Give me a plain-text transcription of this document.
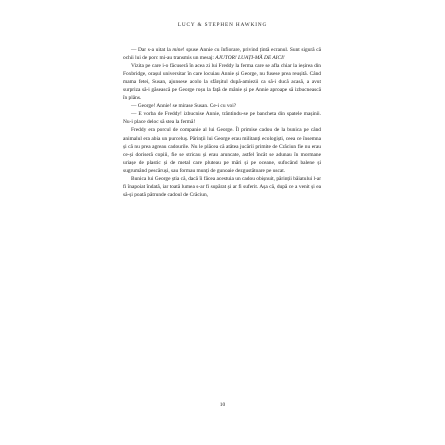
LUCY & STEPHEN HAWKING

— Dar s-a uitat la mine! spuse Annie cu înfiorare, privind țintă ecranul. Sunt sigură că ochii lui de porc mi-au transmis un mesaj: AJUTOR! LUAȚI-MĂ DE AICI!

Vizita pe care i-o făcuseră în acea zi lui Freddy la ferma care se afla chiar la ieșirea din Foxbridge, orașul universitar în care locuiau Annie și George, nu fusese prea reușită. Când mama fetei, Susan, ajunsese acolo la sfârșitul după-amiezii ca să-i ducă acasă, a avut surpriza să-i găsească pe George roșu la față de mânie și pe Annie aproape să izbucnească în plâns.

— George! Annie! se mirase Susan. Ce-i cu voi?

— E vorba de Freddy! izbucnise Annie, trântindu-se pe bancheta din spatele mașinii. Nu-i place deloc să stea la fermă!

Freddy era porcul de companie al lui George. Îl primise cadou de la bunica pe când animalul era abia un purceluș. Părinții lui George erau militanți ecologiști, ceea ce însemna și că nu prea agreau cadourile. Nu le plăcea că atâtea jucării primite de Crăciun fie nu erau ce-și doriseră copiii, fie se stricau și erau aruncate, astfel încât se adunau în mormane uriașe de plastic și de metal care pluteau pe mări și pe oceane, sufocând balene și sugrumând pescăruși, sau formau munți de gunoaie dezgustătoare pe uscat.

Bunica lui George știa că, dacă îi făcea acestuia un cadou obișnuit, părinții băiatului l-ar fi înapoiat îndată, iar toată lumea s-ar fi supărat și ar fi suferit. Așa că, după ce a venit și ea să-și poată pătrunde cadoul de Crăciun,

10
